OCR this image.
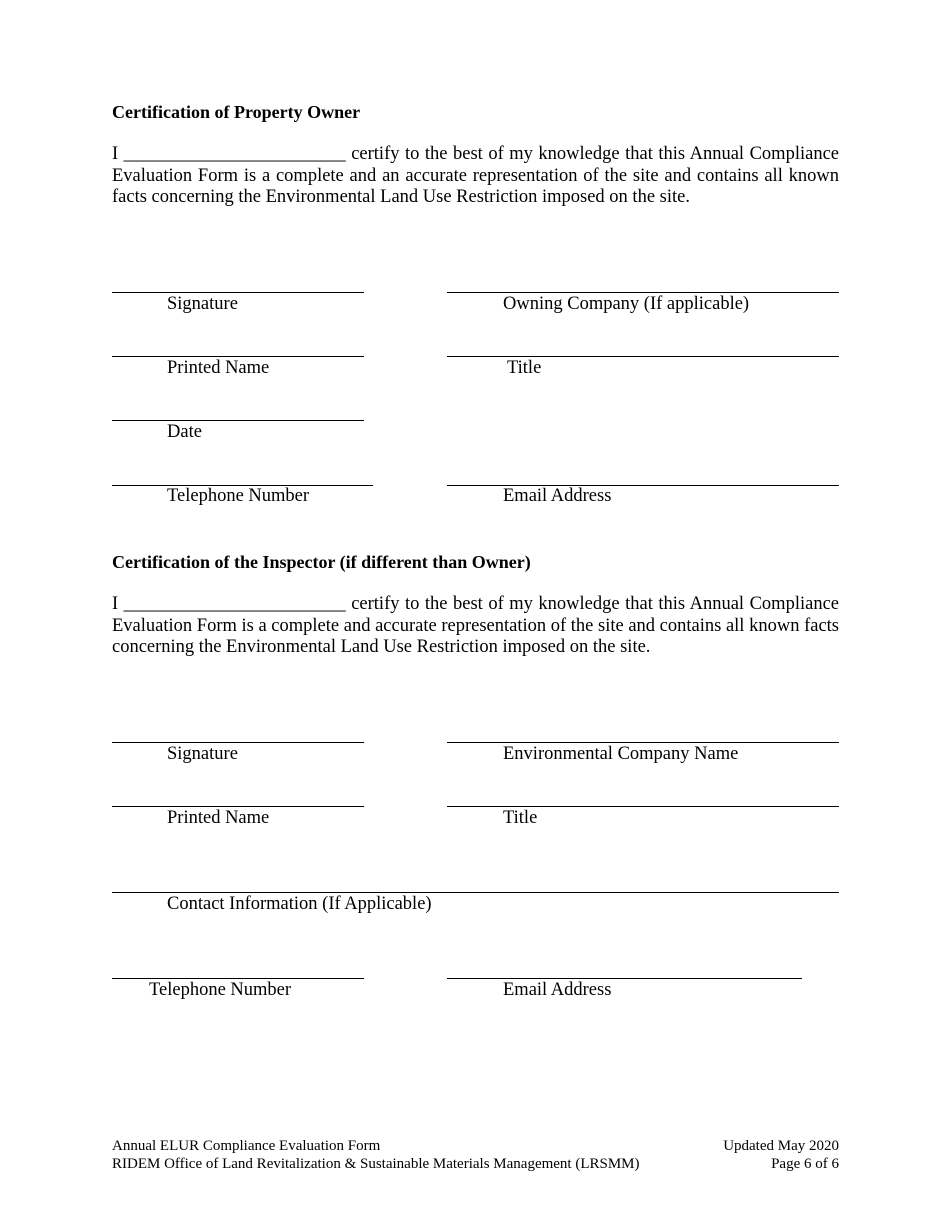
Certification of Property Owner
I ________________________ certify to the best of my knowledge that this Annual Compliance Evaluation Form is a complete and an accurate representation of the site and contains all known facts concerning the Environmental Land Use Restriction imposed on the site.
Signature	Owning Company (If applicable)
Printed Name	Title
Date
Telephone Number	Email Address
Certification of the Inspector (if different than Owner)
I ________________________ certify to the best of my knowledge that this Annual Compliance Evaluation Form is a complete and accurate representation of the site and contains all known facts concerning the Environmental Land Use Restriction imposed on the site.
Signature	Environmental Company Name
Printed Name	Title
Contact Information (If Applicable)
Telephone Number	Email Address
Annual ELUR Compliance Evaluation Form
RIDEM Office of Land Revitalization & Sustainable Materials Management (LRSMM)
Updated May 2020
Page 6 of 6
